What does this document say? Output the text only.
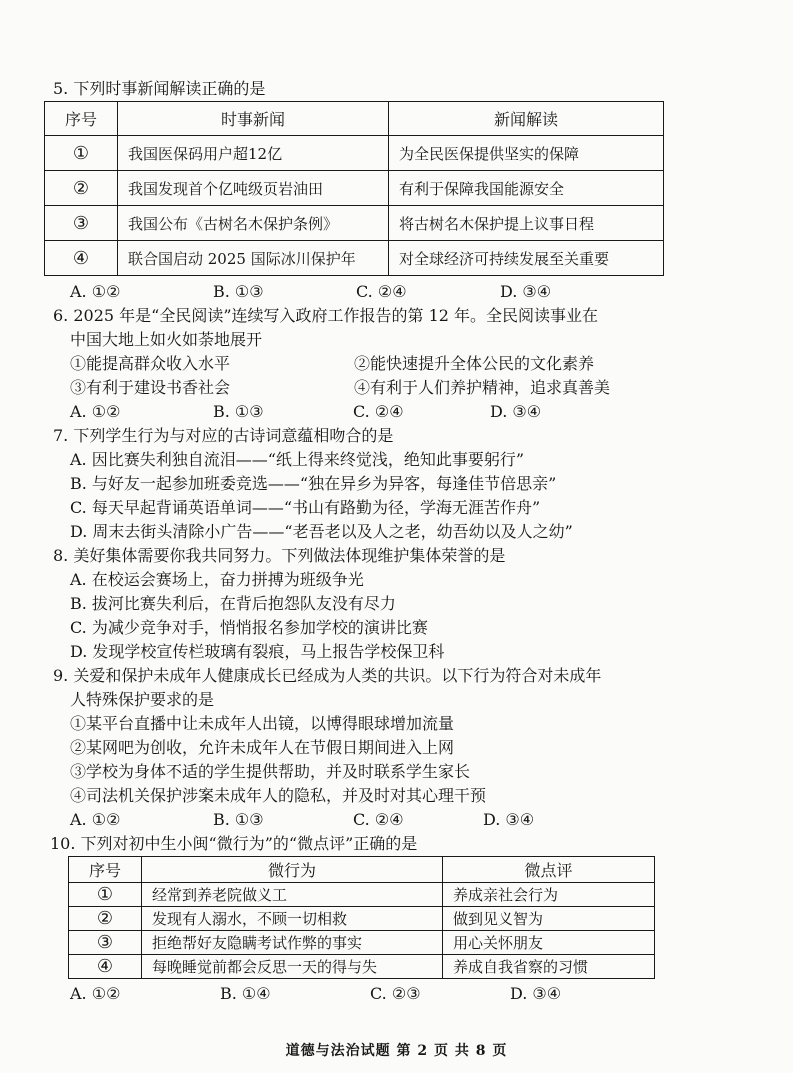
5. 下列时事新闻解读正确的是
序号	时事新闻	新闻解读
①	我国医保码用户超12亿	为全民医保提供坚实的保障
②	我国发现首个亿吨级页岩油田	有利于保障我国能源安全
③	我国公布《古树名木保护条例》	将古树名木保护提上议事日程
④	联合国启动 2025 国际冰川保护年	对全球经济可持续发展至关重要
A. ①②	B. ①③	C. ②④	D. ③④
6. 2025 年是“全民阅读”连续写入政府工作报告的第 12 年。全民阅读事业在
中国大地上如火如荼地展开
①能提高群众收入水平	②能快速提升全体公民的文化素养
③有利于建设书香社会	④有利于人们养护精神，追求真善美
A. ①②	B. ①③	C. ②④	D. ③④
7. 下列学生行为与对应的古诗词意蕴相吻合的是
A. 因比赛失利独自流泪——“纸上得来终觉浅，绝知此事要躬行”
B. 与好友一起参加班委竞选——“独在异乡为异客，每逢佳节倍思亲”
C. 每天早起背诵英语单词——“书山有路勤为径，学海无涯苦作舟”
D. 周末去街头清除小广告——“老吾老以及人之老，幼吾幼以及人之幼”
8. 美好集体需要你我共同努力。下列做法体现维护集体荣誉的是
A. 在校运会赛场上，奋力拼搏为班级争光
B. 拔河比赛失利后，在背后抱怨队友没有尽力
C. 为减少竞争对手，悄悄报名参加学校的演讲比赛
D. 发现学校宣传栏玻璃有裂痕，马上报告学校保卫科
9. 关爱和保护未成年人健康成长已经成为人类的共识。以下行为符合对未成年
人特殊保护要求的是
①某平台直播中让未成年人出镜，以博得眼球增加流量
②某网吧为创收，允许未成年人在节假日期间进入上网
③学校为身体不适的学生提供帮助，并及时联系学生家长
④司法机关保护涉案未成年人的隐私，并及时对其心理干预
A. ①②	B. ①③	C. ②④	D. ③④
10. 下列对初中生小闽“微行为”的“微点评”正确的是
序号	微行为	微点评
①	经常到养老院做义工	养成亲社会行为
②	发现有人溺水，不顾一切相救	做到见义智为
③	拒绝帮好友隐瞒考试作弊的事实	用心关怀朋友
④	每晚睡觉前都会反思一天的得与失	养成自我省察的习惯
A. ①②	B. ①④	C. ②③	D. ③④
道德与法治试题 第 2 页 共 8 页
